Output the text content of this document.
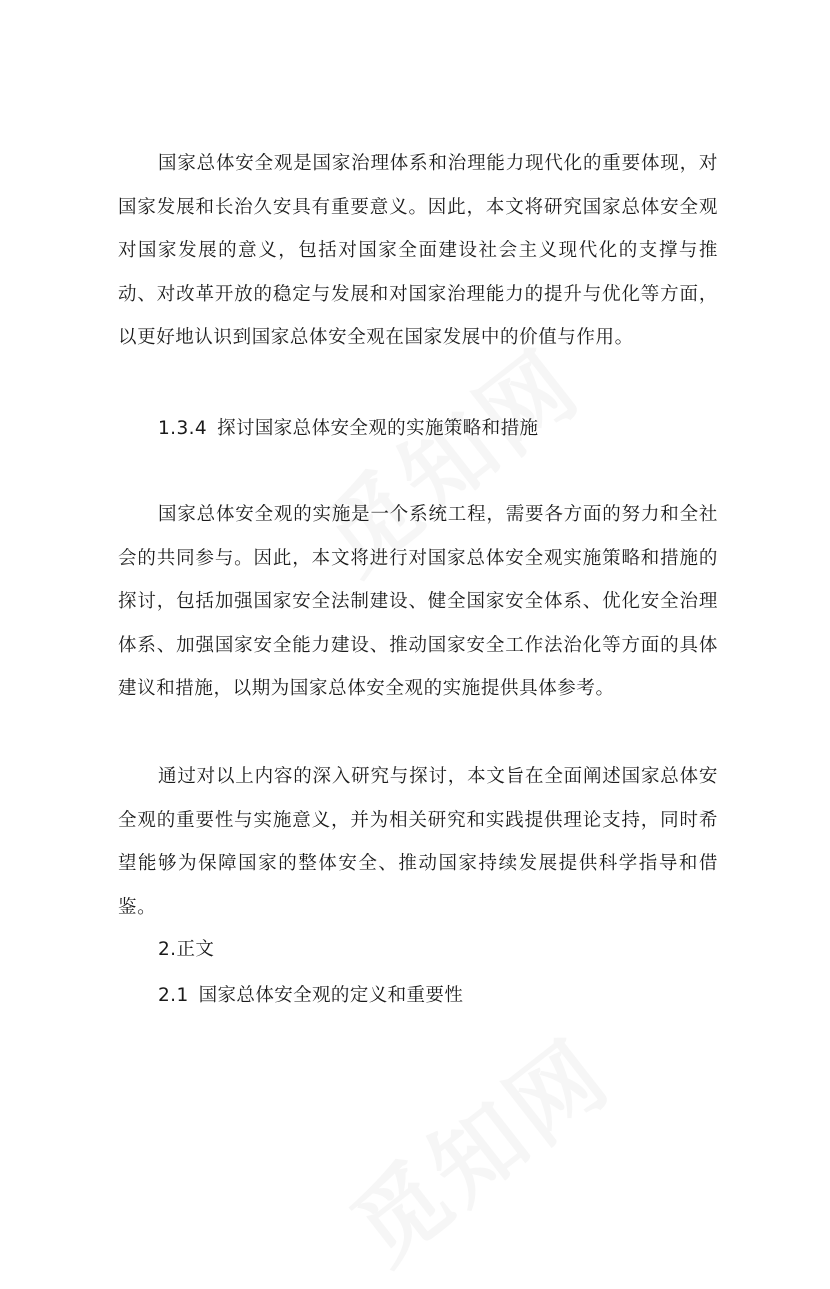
国家总体安全观是国家治理体系和治理能力现代化的重要体现，对国家发展和长治久安具有重要意义。因此，本文将研究国家总体安全观对国家发展的意义，包括对国家全面建设社会主义现代化的支撑与推动、对改革开放的稳定与发展和对国家治理能力的提升与优化等方面，以更好地认识到国家总体安全观在国家发展中的价值与作用。

1.3.4 探讨国家总体安全观的实施策略和措施

国家总体安全观的实施是一个系统工程，需要各方面的努力和全社会的共同参与。因此，本文将进行对国家总体安全观实施策略和措施的探讨，包括加强国家安全法制建设、健全国家安全体系、优化安全治理体系、加强国家安全能力建设、推动国家安全工作法治化等方面的具体建议和措施，以期为国家总体安全观的实施提供具体参考。

通过对以上内容的深入研究与探讨，本文旨在全面阐述国家总体安全观的重要性与实施意义，并为相关研究和实践提供理论支持，同时希望能够为保障国家的整体安全、推动国家持续发展提供科学指导和借鉴。

2.正文
2.1 国家总体安全观的定义和重要性
